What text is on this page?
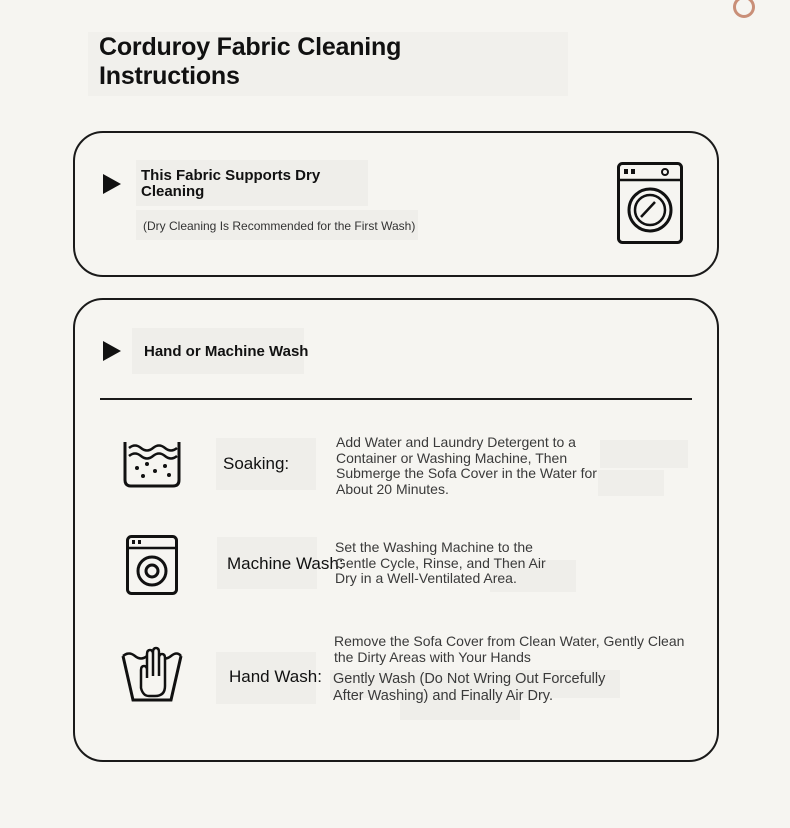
Corduroy Fabric Cleaning Instructions
This Fabric Supports Dry Cleaning
(Dry Cleaning Is Recommended for the First Wash)
Hand or Machine Wash
Soaking:
Add Water and Laundry Detergent to a Container or Washing Machine, Then Submerge the Sofa Cover in the Water for About 20 Minutes.
Machine Wash:
Set the Washing Machine to the Gentle Cycle, Rinse, and Then Air Dry in a Well-Ventilated Area.
Hand Wash:
Remove the Sofa Cover from Clean Water, Gently Clean the Dirty Areas with Your Hands
Gently Wash (Do Not Wring Out Forcefully After Washing) and Finally Air Dry.
